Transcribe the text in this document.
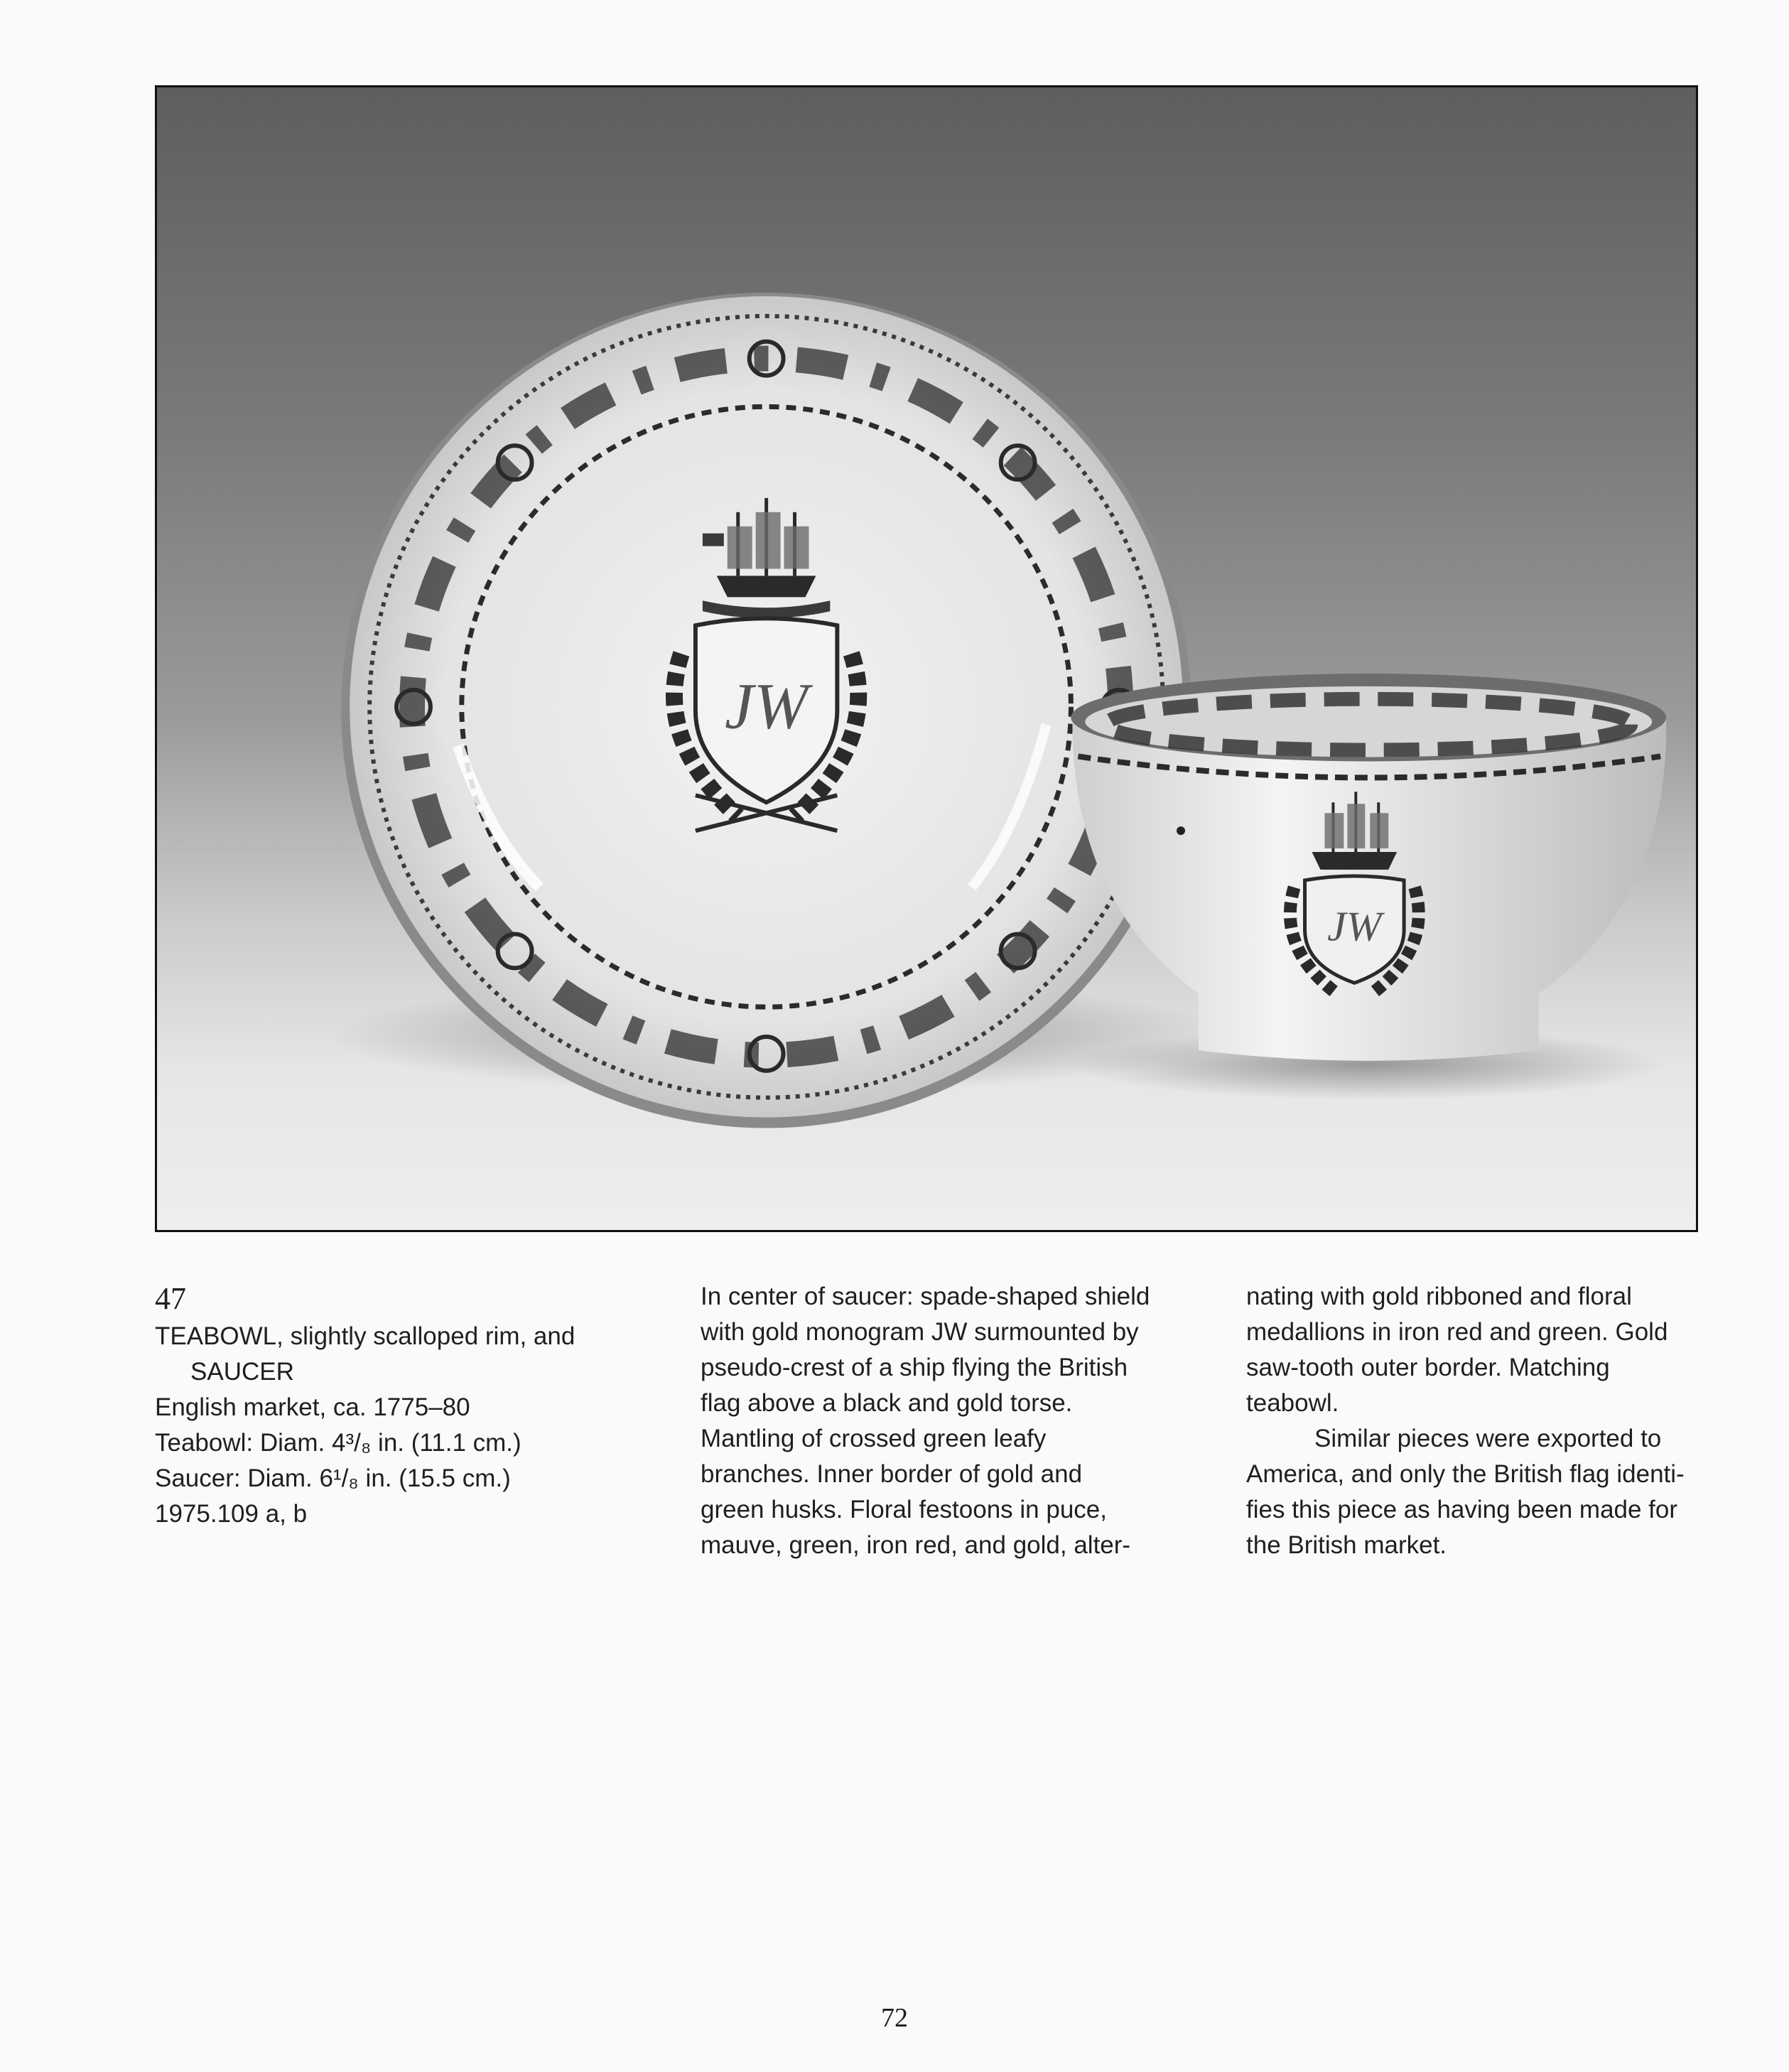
JW
JW

47

TEABOWL, slightly scalloped rim, and

SAUCER

English market, ca. 1775–80

Teabowl: Diam. 4³/₈ in. (11.1 cm.)

Saucer: Diam. 6¹/₈ in. (15.5 cm.)

1975.109 a, b

In center of saucer: spade-shaped shield

with gold monogram JW surmounted by

pseudo-crest of a ship flying the British

flag above a black and gold torse.

Mantling of crossed green leafy

branches. Inner border of gold and

green husks. Floral festoons in puce,

mauve, green, iron red, and gold, alter-

nating with gold ribboned and floral

medallions in iron red and green. Gold

saw-tooth outer border. Matching

teabowl.

Similar pieces were exported to

America, and only the British flag identi-

fies this piece as having been made for

the British market.

72
